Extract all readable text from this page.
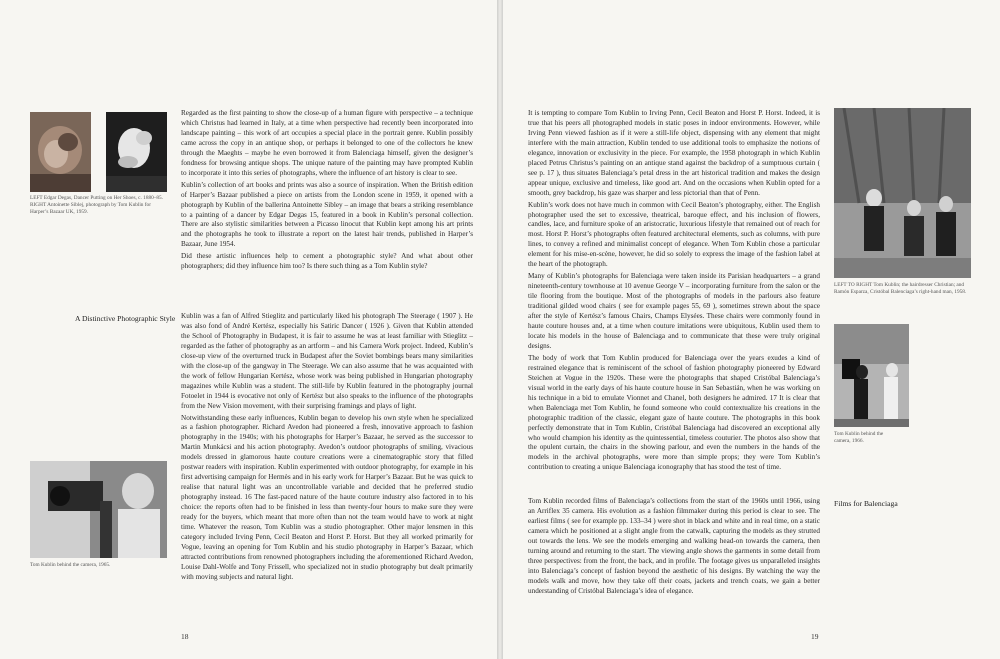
LEFT Edgar Degas, Dancer Putting on Her Shoes, c. 1880–85. RIGHT Antoinette Siblej, photograph by Tom Kublin for Harper’s Bazaar UK, 1959.

Regarded as the first painting to show the close-up of a human figure with perspective – a technique which Christus had learned in Italy, at a time when perspective had recently been incorporated into landscape painting – this work of art occupies a special place in the portrait genre. Kublin possibly came across the copy in an antique shop, or perhaps it belonged to one of the collectors he knew through the Maeghts – maybe he even borrowed it from Balenciaga himself, given the designer’s fondness for browsing antique shops. The unique nature of the painting may have prompted Kublin to incorporate it into this series of photographs, where the influence of art history is clear to see.

Kublin’s collection of art books and prints was also a source of inspiration. When the British edition of Harper’s Bazaar published a piece on artists from the London scene in 1959, it opened with a photograph by Kublin of the ballerina Antoinette Sibley – an image that bears a striking resemblance to a painting of a dancer by Edgar Degas 15, featured in a book in Kublin’s personal collection. There are also stylistic similarities between a Picasso linocut that Kublin kept among his art prints and the photographs he took to illustrate a report on the latest hair trends, published in Harper’s Bazaar, June 1954.

Did these artistic influences help to cement a photographic style? And what about other photographers; did they influence him too? Is there such thing as a Tom Kublin style?

A Distinctive Photographic Style Kublin was a fan of Alfred Stieglitz and particularly liked his photograph The Steerage ( 1907 ). He was also fond of André Kertész, especially his Satiric Dancer ( 1926 ). Given that Kublin attended the School of Photography in Budapest, it is fair to assume he was at least familiar with Stieglitz – regarded as the father of photography as an artform – and his Camera Work project. Indeed, Kublin’s close-up view of the overturned truck in Budapest after the Soviet bombings bears many similarities with the close-up of the gangway in The Steerage. We can also assume that he was acquainted with the work of fellow Hungarian Kertész, whose work was being published in Hungarian photography magazines while Kublin was a student. The still-life by Kublin featured in the photography journal Fotoelet in 1944 is evocative not only of Kertész but also speaks to the influence of the photographs from the New Vision movement, with their surprising framings and plays of light.

Notwithstanding these early influences, Kublin began to develop his own style when he specialized as a fashion photographer. Richard Avedon had pioneered a fresh, innovative approach to fashion photography in the 1940s; with his photographs for Harper’s Bazaar, he served as the successor to Martin Munkácsi and his action photography. Avedon’s outdoor photographs of smiling, vivacious models dressed in glamorous haute couture creations were a cinematographic story that filled postwar readers with inspiration. Kublin experimented with outdoor photography, for example in his first advertising campaign for Hermès and in his early work for Harper’s Bazaar. But he was quick to realise that natural light was an uncontrollable variable and decided that he preferred studio photography instead. 16 The fast-paced nature of the haute couture industry also factored in to his choice: the reports often had to be finished in less than twenty-four hours to make sure they were ready for the buyers, which meant that more often than not the team would have to work at night time. Whatever the reason, Tom Kublin was a studio photographer. Other major lensmen in this category included Irving Penn, Cecil Beaton and Horst P. Horst. But they all worked primarily for Vogue, leaving an opening for Tom Kublin and his studio photography in Harper’s Bazaar, which attracted contributions from renowned photographers including the aforementioned Richard Avedon, Louise Dahl-Wolfe and Tony Frissell, who specialized not in studio photography but dealt primarily with moving subjects and natural light.

Tom Kublin behind the camera, 1965.
18

It is tempting to compare Tom Kublin to Irving Penn, Cecil Beaton and Horst P. Horst. Indeed, it is true that his peers all photographed models in static poses in indoor environments. However, while Irving Penn viewed fashion as if it were a still-life object, dispensing with any element that might interfere with the main attraction, Kublin tended to use additional tools to emphasize the notions of elegance, innovation or exclusivity in the piece. For example, the 1958 photograph in which Kublin placed Petrus Christus’s painting on an antique stand against the backdrop of a sumptuous curtain ( see p. 17 ), thus situates Balenciaga’s petal dress in the art historical tradition and makes the design appear unique, exclusive and timeless, like good art. And on the occasions when Kublin opted for a smooth, grey backdrop, his gaze was sharper and less pictorial than that of Penn.

Kublin’s work does not have much in common with Cecil Beaton’s photography, either. The English photographer used the set to excessive, theatrical, baroque effect, and his inclusion of flowers, candles, lace, and furniture spoke of an aristocratic, luxurious lifestyle that remained out of reach for most. Horst P. Horst’s photographs often featured architectural elements, such as columns, with pure lines, to convey a refined and minimalist concept of elegance. When Tom Kublin chose a particular element for his mise-en-scène, however, he did so solely to express the image of the fashion label at the heart of the photograph.

Many of Kublin’s photographs for Balenciaga were taken inside its Parisian headquarters – a grand nineteenth-century townhouse at 10 avenue George V – incorporating furniture from the salon or the tile flooring from the boutique. Most of the photographs of models in the parlours also feature traditional gilded wood chairs ( see for example pages 55, 69 ), sometimes strewn about the space after the style of Kertész’s famous Chairs, Champs Elysées. These chairs were commonly found in haute couture houses and, at a time when couture imitations were ubiquitous, Kublin used them to locate his models in the house of Balenciaga and to communicate that these were truly original designs.

The body of work that Tom Kublin produced for Balenciaga over the years exudes a kind of restrained elegance that is reminiscent of the school of fashion photography pioneered by Edward Steichen at Vogue in the 1920s. These were the photographs that shaped Cristóbal Balenciaga’s visual world in the early days of his haute couture house in San Sebastián, when he was working on his technique in a bid to emulate Vionnet and Chanel, both designers he admired. 17 It is clear that when Balenciaga met Tom Kublin, he found someone who could contextualize his creations in the photographic tradition of the classic, elegant gaze of haute couture. The photographs in this book perfectly demonstrate that in Tom Kublin, Cristóbal Balenciaga had discovered an exceptional ally who would champion his identity as the quintessential, timeless couturier. The photos also show that the opulent curtain, the chairs in the showing parlour, and even the numbers in the hands of the models in the archival photographs, were more than simple props; they were Tom Kublin’s contribution to creating a unique Balenciaga iconography that has stood the test of time.

LEFT TO RIGHT Tom Kublin; the hairdresser Christian; and Ramón Esparza, Cristóbal Balenciaga’s right-hand man, 1958.
Tom Kublin behind the camera, 1966.

Tom Kublin recorded films of Balenciaga’s collections from the start of the 1960s until 1966, using an Arriflex 35 camera. His evolution as a fashion filmmaker during this period is clear to see. The earliest films ( see for example pp. 133–34 ) were shot in black and white and in real time, on a static camera which he positioned at a slight angle from the catwalk, capturing the models as they strutted out towards the lens. We see the models emerging and walking head-on towards the camera, then turning around and returning to the start. The viewing angle shows the garments in some detail from three perspectives: from the front, the back, and in profile. The footage gives us unparalleled insights into Balenciaga’s concept of fashion beyond the aesthetic of his designs. By watching the way the models walk and move, how they take off their coats, jackets and trench coats, we gain a better understanding of Cristóbal Balenciaga’s idea of elegance.

Films for Balenciaga
19
